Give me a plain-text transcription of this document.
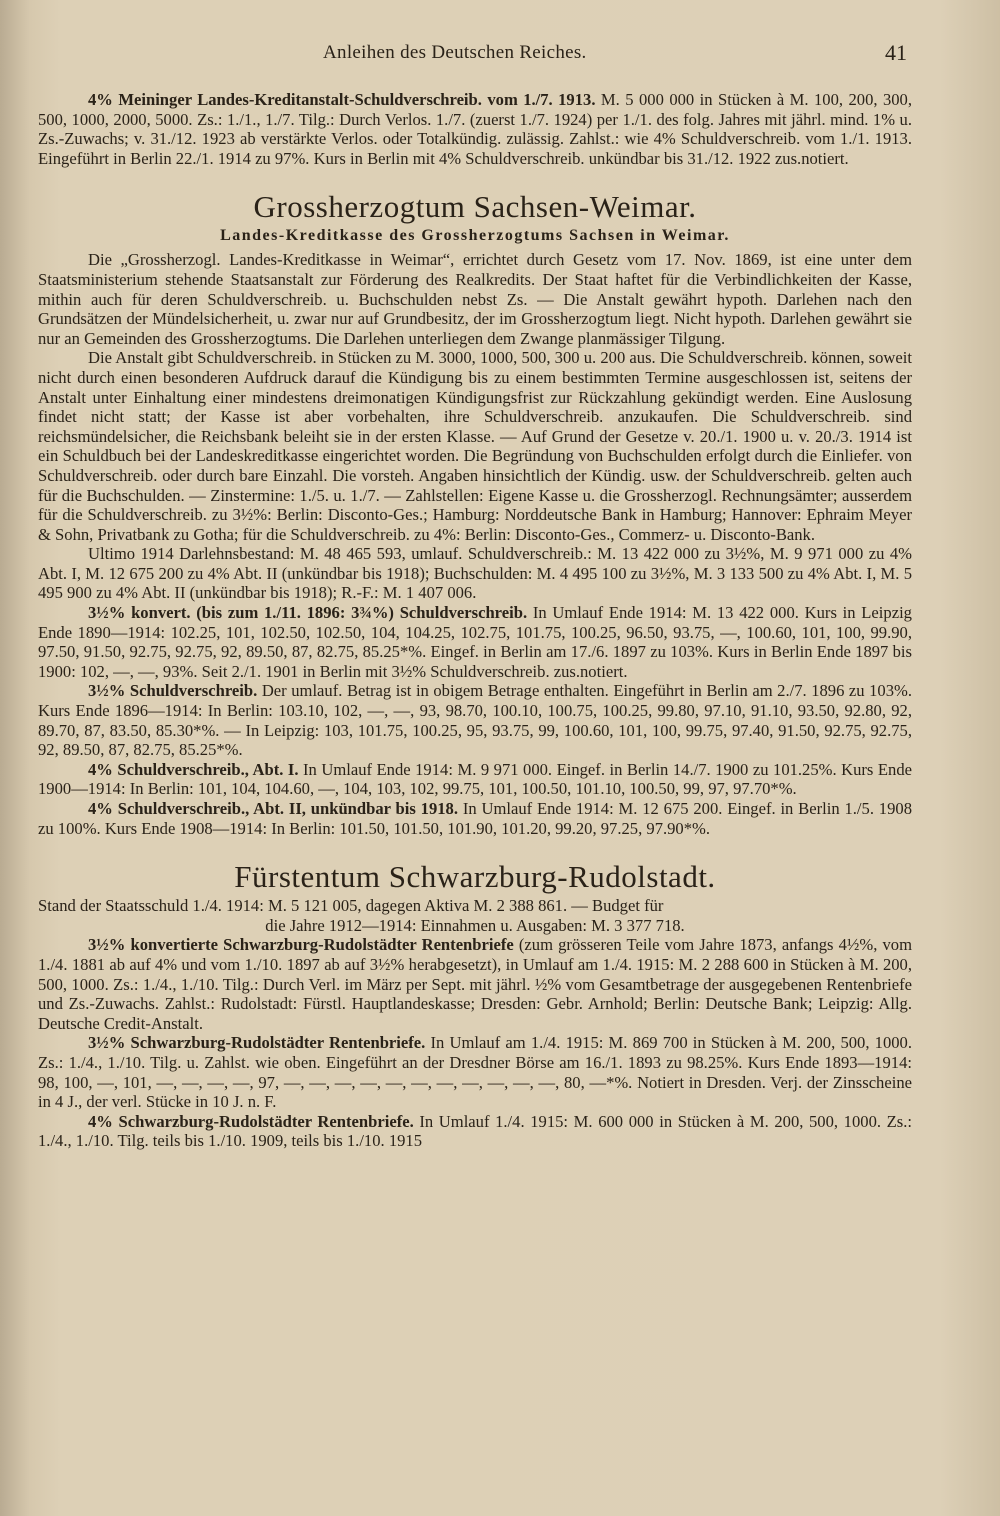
Anleihen des Deutschen Reiches.	41

4% Meininger Landes-Kreditanstalt-Schuldverschreib. vom 1./7. 1913. M. 5 000 000 in Stücken à M. 100, 200, 300, 500, 1000, 2000, 5000. Zs.: 1./1., 1./7. Tilg.: Durch Verlos. 1./7. (zuerst 1./7. 1924) per 1./1. des folg. Jahres mit jährl. mind. 1% u. Zs.-Zuwachs; v. 31./12. 1923 ab verstärkte Verlos. oder Totalkündig. zulässig. Zahlst.: wie 4% Schuldverschreib. vom 1./1. 1913. Eingeführt in Berlin 22./1. 1914 zu 97%. Kurs in Berlin mit 4% Schuldverschreib. unkündbar bis 31./12. 1922 zus.notiert.

Grossherzogtum Sachsen-Weimar.
Landes-Kreditkasse des Grossherzogtums Sachsen in Weimar.

Die „Grossherzogl. Landes-Kreditkasse in Weimar“, errichtet durch Gesetz vom 17. Nov. 1869, ist eine unter dem Staatsministerium stehende Staatsanstalt zur Förderung des Realkredits. Der Staat haftet für die Verbindlichkeiten der Kasse, mithin auch für deren Schuldverschreib. u. Buchschulden nebst Zs. — Die Anstalt gewährt hypoth. Darlehen nach den Grundsätzen der Mündelsicherheit, u. zwar nur auf Grundbesitz, der im Grossherzogtum liegt. Nicht hypoth. Darlehen gewährt sie nur an Gemeinden des Grossherzogtums. Die Darlehen unterliegen dem Zwange planmässiger Tilgung.

Die Anstalt gibt Schuldverschreib. in Stücken zu M. 3000, 1000, 500, 300 u. 200 aus. Die Schuldverschreib. können, soweit nicht durch einen besonderen Aufdruck darauf die Kündigung bis zu einem bestimmten Termine ausgeschlossen ist, seitens der Anstalt unter Einhaltung einer mindestens dreimonatigen Kündigungsfrist zur Rückzahlung gekündigt werden. Eine Auslosung findet nicht statt; der Kasse ist aber vorbehalten, ihre Schuldverschreib. anzukaufen. Die Schuldverschreib. sind reichsmündelsicher, die Reichsbank beleiht sie in der ersten Klasse. — Auf Grund der Gesetze v. 20./1. 1900 u. v. 20./3. 1914 ist ein Schuldbuch bei der Landeskreditkasse eingerichtet worden. Die Begründung von Buchschulden erfolgt durch die Einliefer. von Schuldverschreib. oder durch bare Einzahl. Die vorsteh. Angaben hinsichtlich der Kündig. usw. der Schuldverschreib. gelten auch für die Buchschulden. — Zinstermine: 1./5. u. 1./7. — Zahlstellen: Eigene Kasse u. die Grossherzogl. Rechnungsämter; ausserdem für die Schuldverschreib. zu 3½%: Berlin: Disconto-Ges.; Hamburg: Norddeutsche Bank in Hamburg; Hannover: Ephraim Meyer & Sohn, Privatbank zu Gotha; für die Schuldverschreib. zu 4%: Berlin: Disconto-Ges., Commerz- u. Disconto-Bank.

Ultimo 1914 Darlehnsbestand: M. 48 465 593, umlauf. Schuldverschreib.: M. 13 422 000 zu 3½%, M. 9 971 000 zu 4% Abt. I, M. 12 675 200 zu 4% Abt. II (unkündbar bis 1918); Buchschulden: M. 4 495 100 zu 3½%, M. 3 133 500 zu 4% Abt. I, M. 5 495 900 zu 4% Abt. II (unkündbar bis 1918); R.-F.: M. 1 407 006.

3½% konvert. (bis zum 1./11. 1896: 3¾%) Schuldverschreib. In Umlauf Ende 1914: M. 13 422 000. Kurs in Leipzig Ende 1890—1914: 102.25, 101, 102.50, 102.50, 104, 104.25, 102.75, 101.75, 100.25, 96.50, 93.75, —, 100.60, 101, 100, 99.90, 97.50, 91.50, 92.75, 92.75, 92, 89.50, 87, 82.75, 85.25*%. Eingef. in Berlin am 17./6. 1897 zu 103%. Kurs in Berlin Ende 1897 bis 1900: 102, —, —, 93%. Seit 2./1. 1901 in Berlin mit 3½% Schuldverschreib. zus.notiert.

3½% Schuldverschreib. Der umlauf. Betrag ist in obigem Betrage enthalten. Eingeführt in Berlin am 2./7. 1896 zu 103%. Kurs Ende 1896—1914: In Berlin: 103.10, 102, —, —, 93, 98.70, 100.10, 100.75, 100.25, 99.80, 97.10, 91.10, 93.50, 92.80, 92, 89.70, 87, 83.50, 85.30*%. — In Leipzig: 103, 101.75, 100.25, 95, 93.75, 99, 100.60, 101, 100, 99.75, 97.40, 91.50, 92.75, 92.75, 92, 89.50, 87, 82.75, 85.25*%.

4% Schuldverschreib., Abt. I. In Umlauf Ende 1914: M. 9 971 000. Eingef. in Berlin 14./7. 1900 zu 101.25%. Kurs Ende 1900—1914: In Berlin: 101, 104, 104.60, —, 104, 103, 102, 99.75, 101, 100.50, 101.10, 100.50, 99, 97, 97.70*%.

4% Schuldverschreib., Abt. II, unkündbar bis 1918. In Umlauf Ende 1914: M. 12 675 200. Eingef. in Berlin 1./5. 1908 zu 100%. Kurs Ende 1908—1914: In Berlin: 101.50, 101.50, 101.90, 101.20, 99.20, 97.25, 97.90*%.

Fürstentum Schwarzburg-Rudolstadt.

Stand der Staatsschuld 1./4. 1914: M. 5 121 005, dagegen Aktiva M. 2 388 861. — Budget für

die Jahre 1912—1914: Einnahmen u. Ausgaben: M. 3 377 718.

3½% konvertierte Schwarzburg-Rudolstädter Rentenbriefe (zum grösseren Teile vom Jahre 1873, anfangs 4½%, vom 1./4. 1881 ab auf 4% und vom 1./10. 1897 ab auf 3½% herabgesetzt), in Umlauf am 1./4. 1915: M. 2 288 600 in Stücken à M. 200, 500, 1000. Zs.: 1./4., 1./10. Tilg.: Durch Verl. im März per Sept. mit jährl. ½% vom Gesamtbetrage der ausgegebenen Rentenbriefe und Zs.-Zuwachs. Zahlst.: Rudolstadt: Fürstl. Hauptlandeskasse; Dresden: Gebr. Arnhold; Berlin: Deutsche Bank; Leipzig: Allg. Deutsche Credit-Anstalt.

3½% Schwarzburg-Rudolstädter Rentenbriefe. In Umlauf am 1./4. 1915: M. 869 700 in Stücken à M. 200, 500, 1000. Zs.: 1./4., 1./10. Tilg. u. Zahlst. wie oben. Eingeführt an der Dresdner Börse am 16./1. 1893 zu 98.25%. Kurs Ende 1893—1914: 98, 100, —, 101, —, —, —, —, 97, —, —, —, —, —, —, —, —, —, —, —, 80, —*%. Notiert in Dresden. Verj. der Zinsscheine in 4 J., der verl. Stücke in 10 J. n. F.

4% Schwarzburg-Rudolstädter Rentenbriefe. In Umlauf 1./4. 1915: M. 600 000 in Stücken à M. 200, 500, 1000. Zs.: 1./4., 1./10. Tilg. teils bis 1./10. 1909, teils bis 1./10. 1915
